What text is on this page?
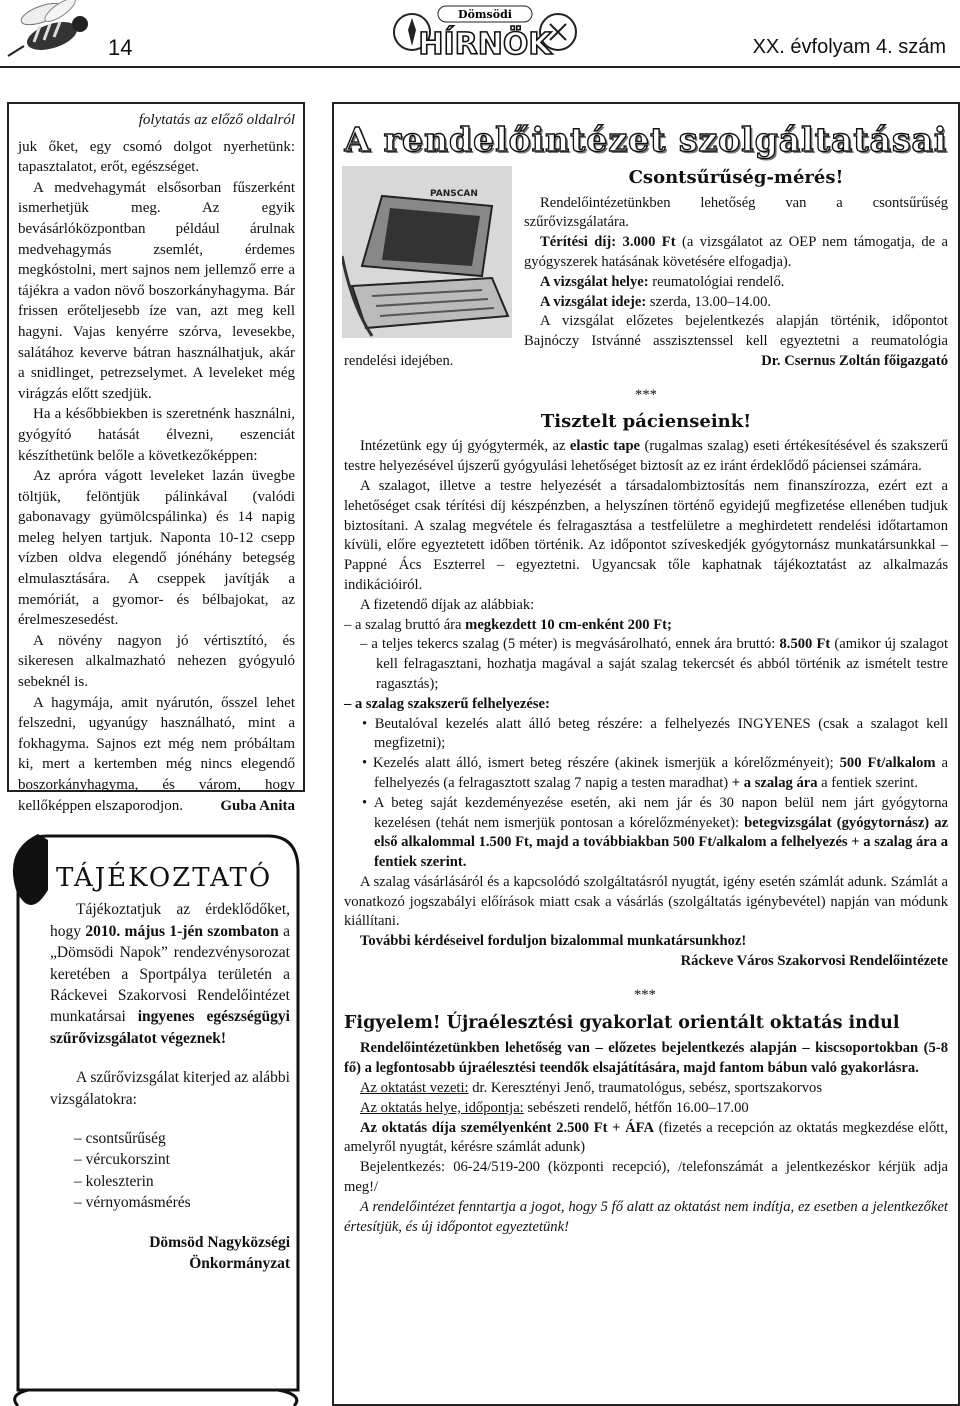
14
Dömsödi
HÍRNÖK	XX. évfolyam 4. szám
folytatás az előző oldalról

juk őket, egy csomó dolgot nyerhetünk: tapasztalatot, erőt, egészséget.

A medvehagymát elsősorban fűszerként ismerhetjük meg. Az egyik bevásárlóközpontban például árulnak medvehagymás zsemlét, érdemes megkóstolni, mert sajnos nem jellemző erre a tájékra a vadon növő boszorkányhagyma. Bár frissen erőteljesebb íze van, azt meg kell hagyni. Vajas kenyérre szórva, levesekbe, salátához keverve bátran használhatjuk, akár a snidlinget, petrezselymet. A leveleket még virágzás előtt szedjük.

Ha a későbbiekben is szeretnénk használni, gyógyító hatását élvezni, eszenciát készíthetünk belőle a következőképpen:

Az apróra vágott leveleket lazán üvegbe töltjük, felöntjük pálinkával (valódi gabonavagy gyümölcspálinka) és 14 napig meleg helyen tartjuk. Naponta 10-12 csepp vízben oldva elegendő jónéhány betegség elmulasztására. A cseppek javítják a memóriát, a gyomor- és bélbajokat, az érelmeszesedést.

A növény nagyon jó vértisztító, és sikeresen alkalmazható nehezen gyógyuló sebeknél is.

A hagymája, amit nyárutón, ősszel lehet felszedni, ugyanúgy használható, mint a fokhagyma. Sajnos ezt még nem próbáltam ki, mert a kertemben még nincs elegendő boszorkányhagyma, és várom, hogy kellőképpen elszaporodjon.	Guba Anita

TÁJÉKOZTATÓ

Tájékoztatjuk az érdeklődőket, hogy 2010. május 1-jén szombaton a „Dömsödi Napok” rendezvénysorozat keretében a Sportpálya területén a Ráckevei Szakorvosi Rendelőintézet munkatársai ingyenes egészségügyi szűrővizsgálatot végeznek!

A szűrővizsgálat kiterjed az alábbi vizsgálatokra:

– csontsűrűség
– vércukorszint
– koleszterin
– vérnyomásmérés
Dömsöd Nagyközségi
Önkormányzat
A rendelőintézet szolgáltatásai
PANSCAN
Csontsűrűség-mérés!

Rendelőintézetünkben lehetőség van a csontsűrűség szűrővizsgálatára.

Térítési díj: 3.000 Ft (a vizsgálatot az OEP nem támogatja, de a gyógyszerek hatásának követésére elfogadja).

A vizsgálat helye: reumatológiai rendelő.

A vizsgálat ideje: szerda, 13.00–14.00.

A vizsgálat előzetes bejelentkezés alapján történik, időpontot Bajnóczy Istvánné asszisztenssel kell egyeztetni a reumatológia rendelési idejében.	Dr. Csernus Zoltán főigazgató

***
Tisztelt pácienseink!

Intézetünk egy új gyógytermék, az elastic tape (rugalmas szalag) eseti értékesítésével és szakszerű testre helyezésével újszerű gyógyulási lehetőséget biztosít az ez iránt érdeklődő páciensei számára.

A szalagot, illetve a testre helyezését a társadalombiztosítás nem finanszírozza, ezért ezt a lehetőséget csak térítési díj készpénzben, a helyszínen történő egyidejű megfizetése ellenében tudjuk biztosítani. A szalag megvétele és felragasztása a testfelületre a meghirdetett rendelési időtartamon kívüli, előre egyeztetett időben történik. Az időpontot szíveskedjék gyógytornász munkatársunkkal – Pappné Ács Eszterrel – egyeztetni. Ugyancsak tőle kaphatnak tájékoztatást az alkalmazás indikációiról.

A fizetendő díjak az alábbiak:

– a szalag bruttó ára megkezdett 10 cm-enként 200 Ft;
– a teljes tekercs szalag (5 méter) is megvásárolható, ennek ára bruttó: 8.500 Ft (amikor új szalagot kell felragasztani, hozhatja magával a saját szalag tekercsét és abból történik az ismételt testre ragasztás);
– a szalag szakszerű felhelyezése:
• Beutalóval kezelés alatt álló beteg részére: a felhelyezés INGYENES (csak a szalagot kell megfizetni);
• Kezelés alatt álló, ismert beteg részére (akinek ismerjük a kórelőzményeit); 500 Ft/alkalom a felhelyezés (a felragasztott szalag 7 napig a testen maradhat) + a szalag ára a fentiek szerint.
• A beteg saját kezdeményezése esetén, aki nem jár és 30 napon belül nem járt gyógytorna kezelésen (tehát nem ismerjük pontosan a kórelőzményeket): betegvizsgálat (gyógytornász) az első alkalommal 1.500 Ft, majd a továbbiakban 500 Ft/alkalom a felhelyezés + a szalag ára a fentiek szerint.

A szalag vásárlásáról és a kapcsolódó szolgáltatásról nyugtát, igény esetén számlát adunk. Számlát a vonatkozó jogszabályi előírások miatt csak a vásárlás (szolgáltatás igénybevétel) napján van módunk kiállítani.

További kérdéseivel forduljon bizalommal munkatársunkhoz!

Ráckeve Város Szakorvosi Rendelőintézete
***
Figyelem! Újraélesztési gyakorlat orientált oktatás indul

Rendelőintézetünkben lehetőség van – előzetes bejelentkezés alapján – kiscsoportokban (5-8 fő) a legfontosabb újraélesztési teendők elsajátítására, majd fantom bábun való gyakorlásra.

Az oktatást vezeti: dr. Keresztényi Jenő, traumatológus, sebész, sportszakorvos

Az oktatás helye, időpontja: sebészeti rendelő, hétfőn 16.00–17.00

Az oktatás díja személyenként 2.500 Ft + ÁFA (fizetés a recepción az oktatás megkezdése előtt, amelyről nyugtát, kérésre számlát adunk)

Bejelentkezés: 06-24/519-200 (központi recepció), /telefonszámát a jelentkezéskor kérjük adja meg!/

A rendelőintézet fenntartja a jogot, hogy 5 fő alatt az oktatást nem indítja, ez esetben a jelentkezőket értesítjük, és új időpontot egyeztetünk!
